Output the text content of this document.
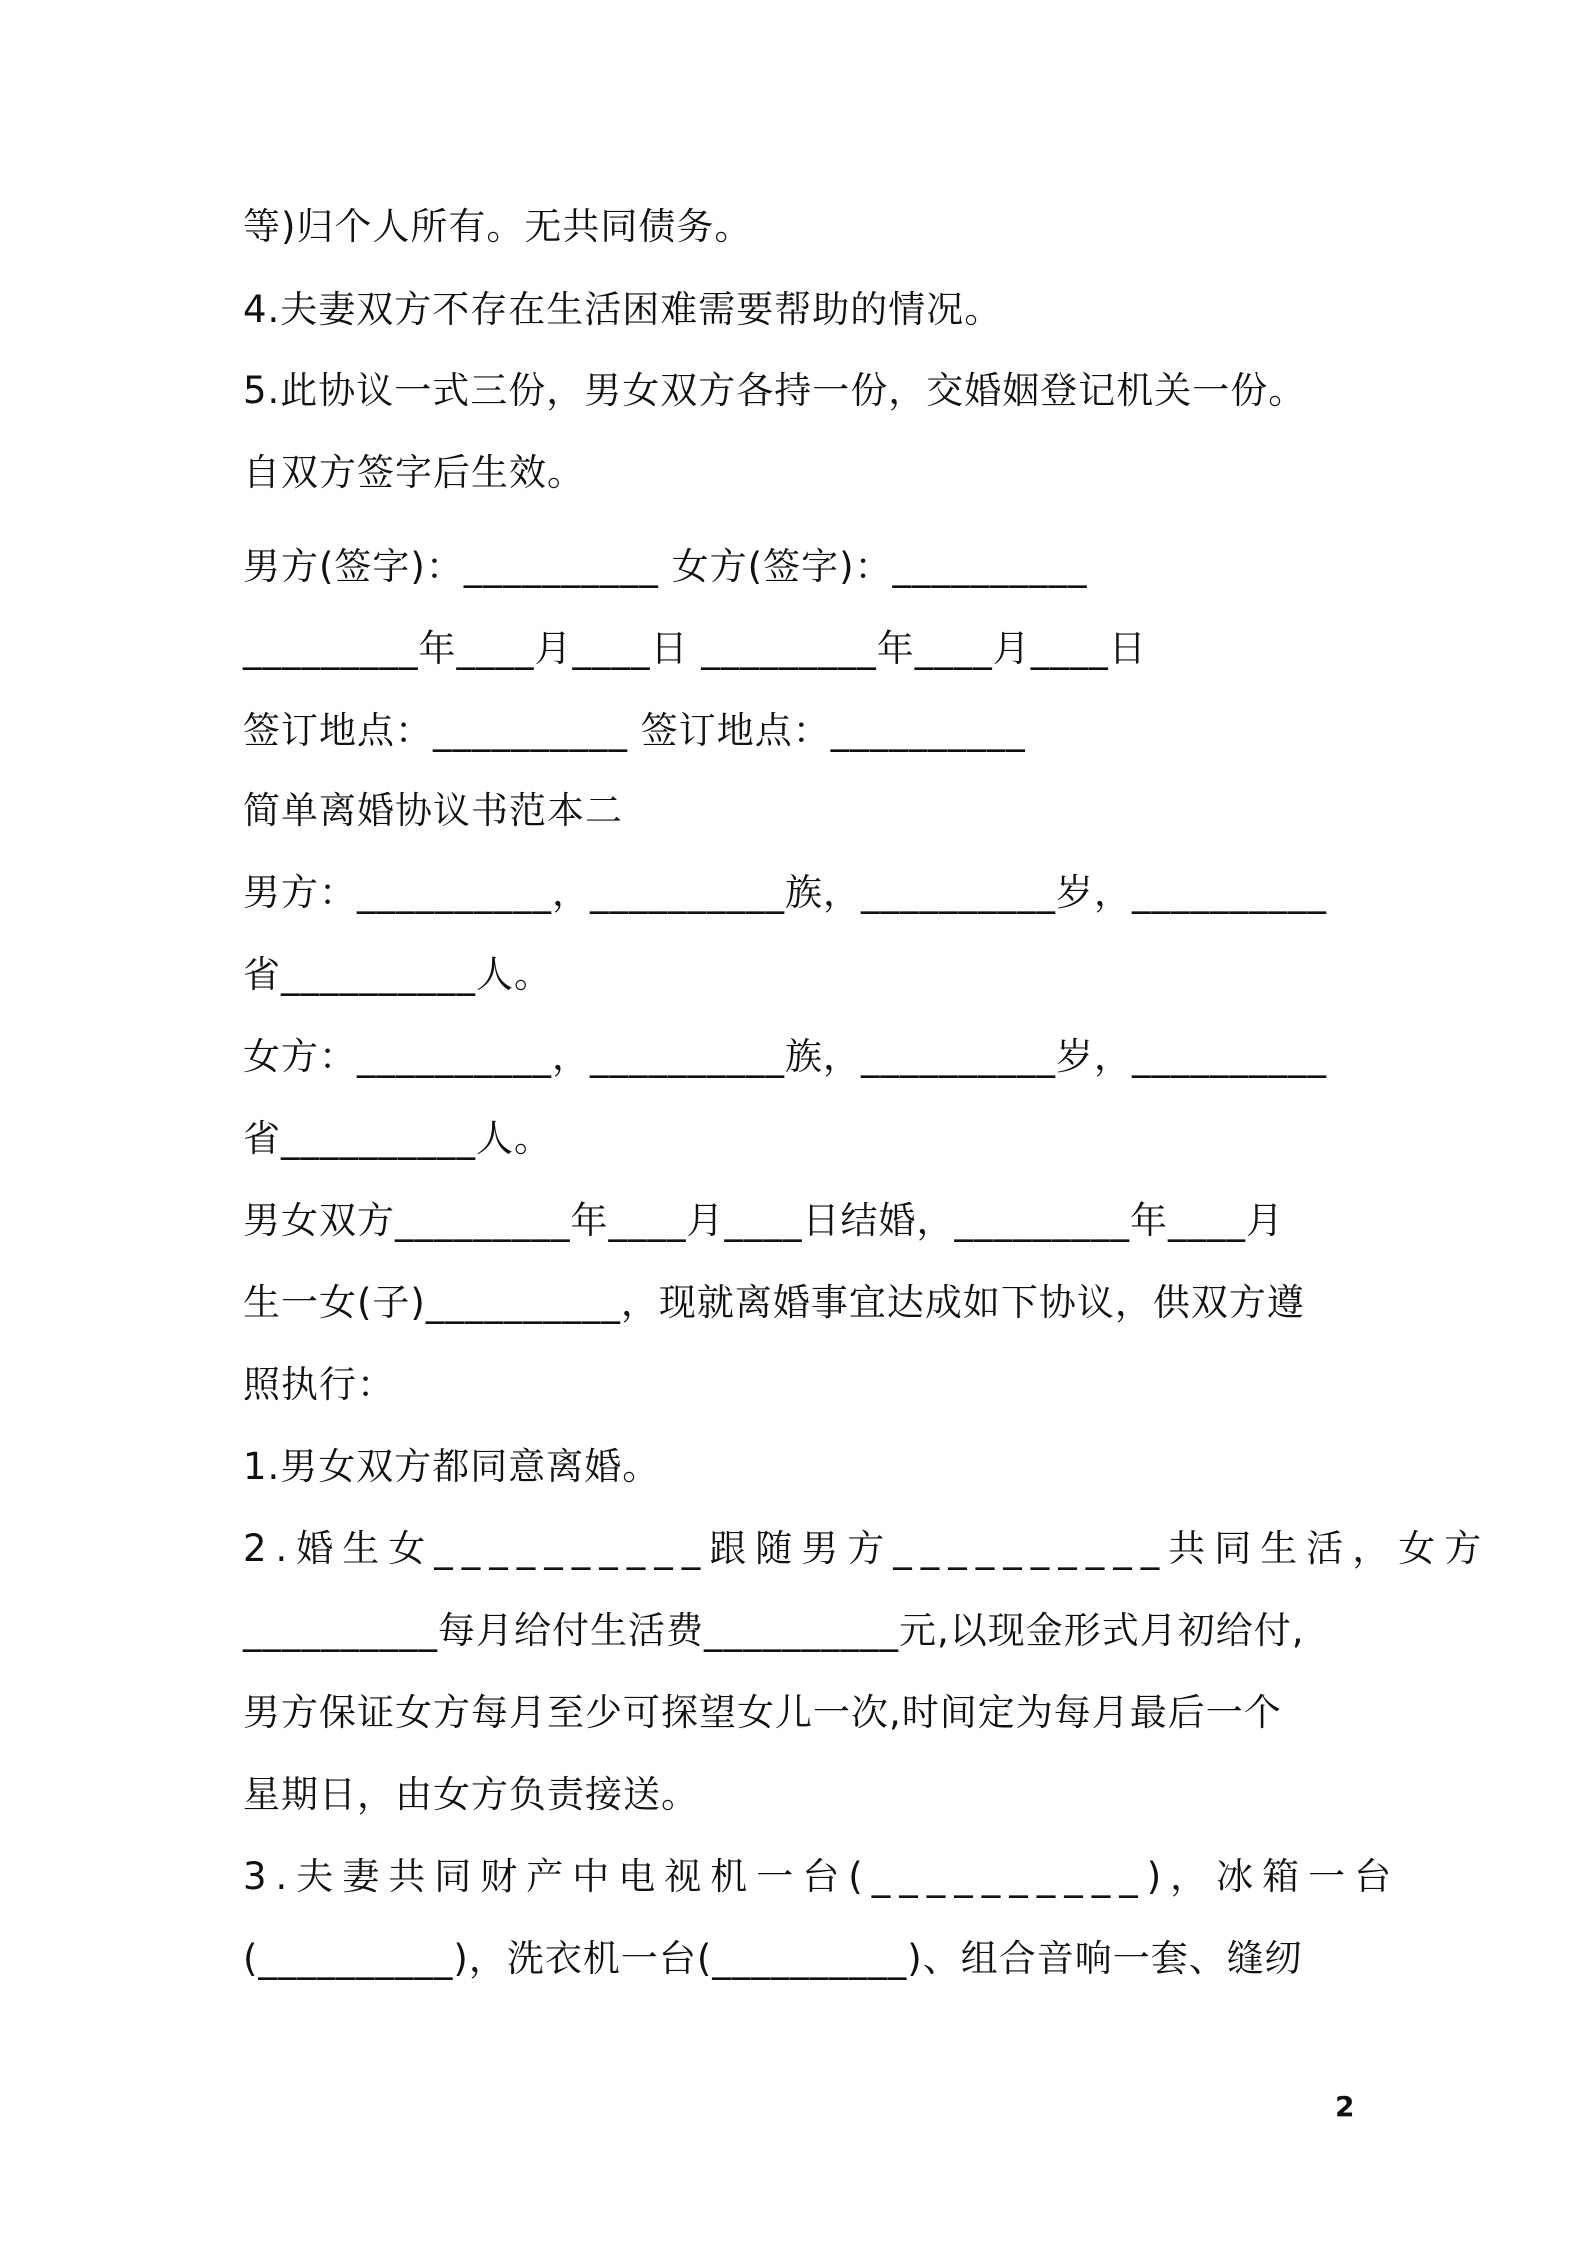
等)归个人所有。无共同债务。
4.夫妻双方不存在生活困难需要帮助的情况。
5.此协议一式三份，男女双方各持一份，交婚姻登记机关一份。
自双方签字后生效。
男方(签字)：__________ 女方(签字)：__________
_________年____月____日 _________年____月____日
签订地点：__________ 签订地点：__________
简单离婚协议书范本二
男方：__________，__________族，__________岁，__________
省__________人。
女方：__________，__________族，__________岁，__________
省__________人。
男女双方_________年____月____日结婚，_________年____月
生一女(子)__________，现就离婚事宜达成如下协议，供双方遵
照执行：
1.男女双方都同意离婚。
2.婚生女__________跟随男方__________共同生活，女方
__________每月给付生活费__________元,以现金形式月初给付,
男方保证女方每月至少可探望女儿一次,时间定为每月最后一个
星期日，由女方负责接送。
3.夫妻共同财产中电视机一台(__________)，冰箱一台
(__________)，洗衣机一台(__________)、组合音响一套、缝纫
2
